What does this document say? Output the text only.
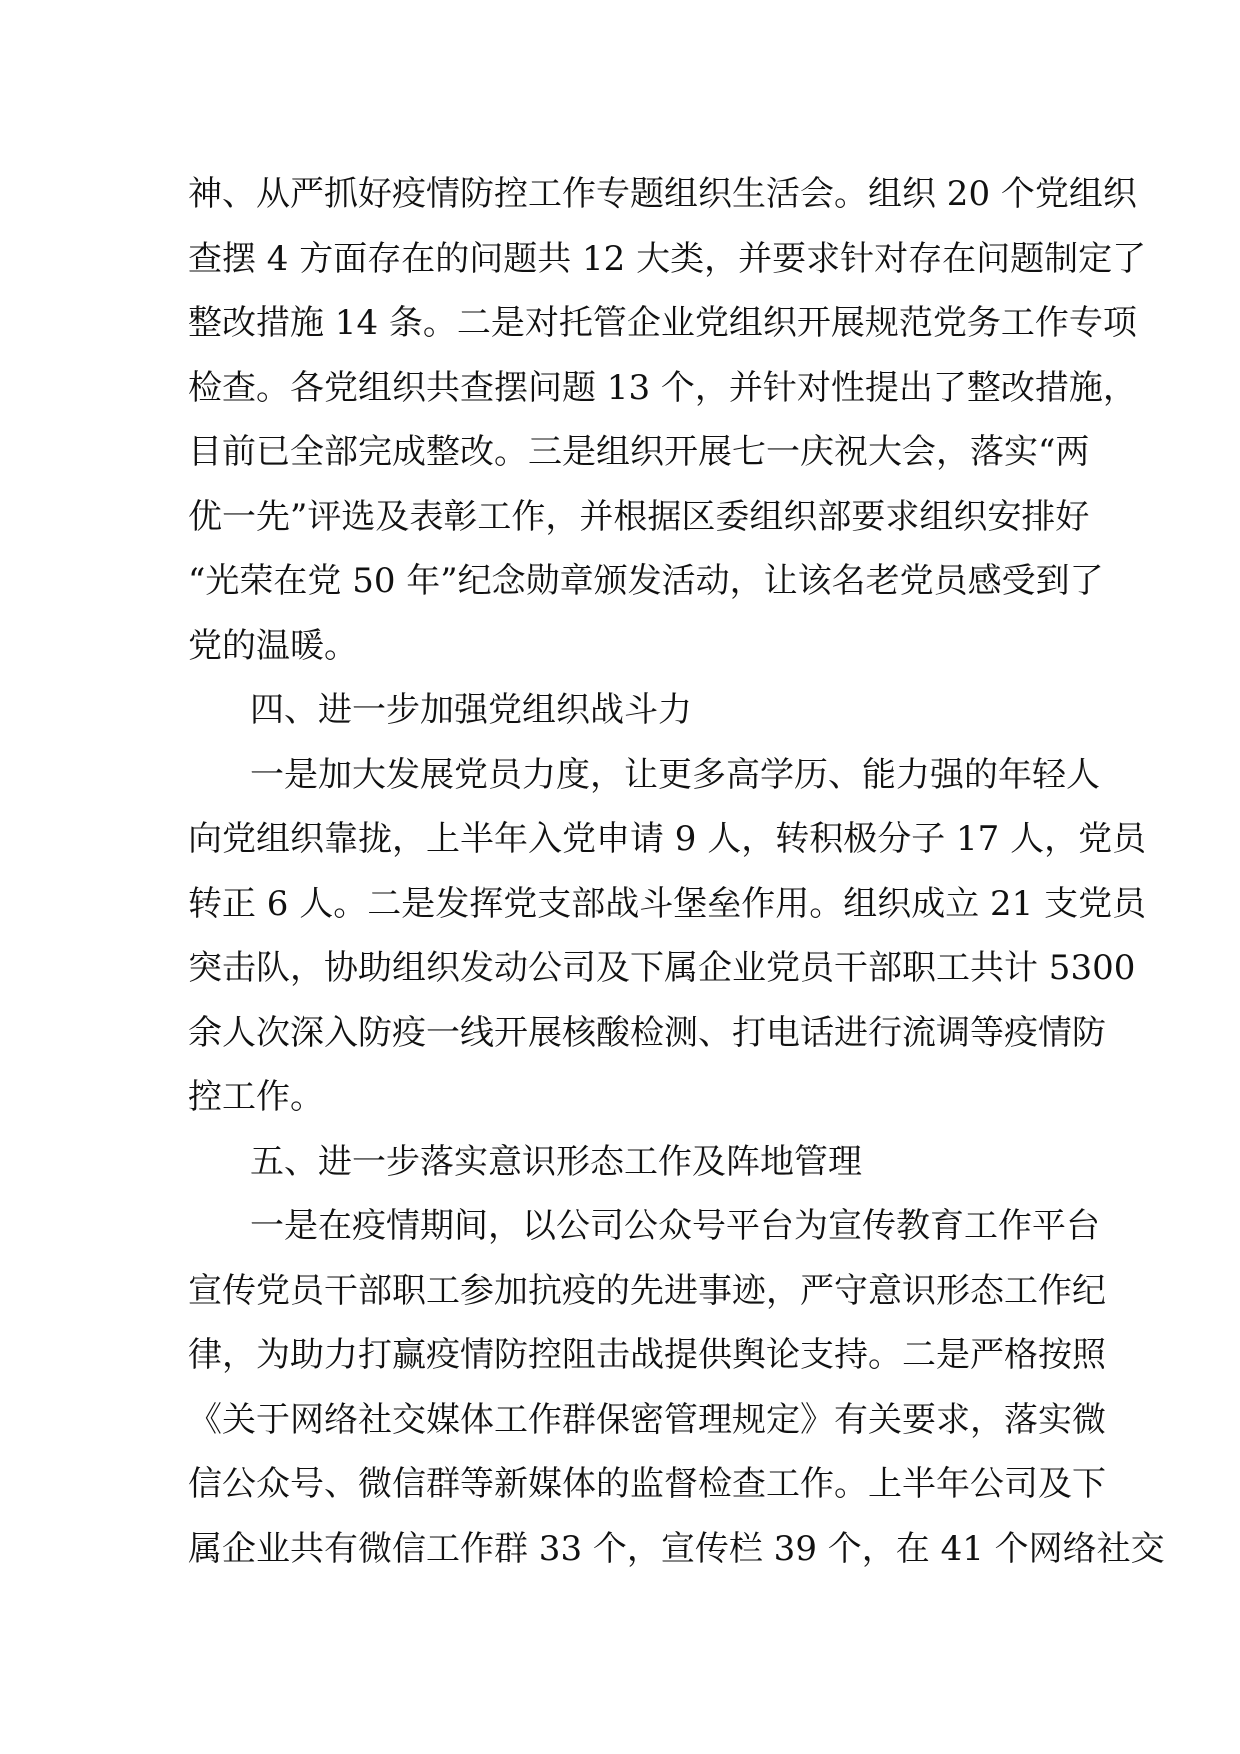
神、从严抓好疫情防控工作专题组织生活会。组织 20 个党组织
查摆 4 方面存在的问题共 12 大类，并要求针对存在问题制定了
整改措施 14 条。二是对托管企业党组织开展规范党务工作专项
检查。各党组织共查摆问题 13 个，并针对性提出了整改措施，
目前已全部完成整改。三是组织开展七一庆祝大会，落实“两
优一先”评选及表彰工作，并根据区委组织部要求组织安排好
“光荣在党 50 年”纪念勋章颁发活动，让该名老党员感受到了
党的温暖。
四、进一步加强党组织战斗力
一是加大发展党员力度，让更多高学历、能力强的年轻人
向党组织靠拢，上半年入党申请 9 人，转积极分子 17 人，党员
转正 6 人。二是发挥党支部战斗堡垒作用。组织成立 21 支党员
突击队，协助组织发动公司及下属企业党员干部职工共计 5300
余人次深入防疫一线开展核酸检测、打电话进行流调等疫情防
控工作。
五、进一步落实意识形态工作及阵地管理
一是在疫情期间，以公司公众号平台为宣传教育工作平台
宣传党员干部职工参加抗疫的先进事迹，严守意识形态工作纪
律，为助力打赢疫情防控阻击战提供舆论支持。二是严格按照
《关于网络社交媒体工作群保密管理规定》有关要求，落实微
信公众号、微信群等新媒体的监督检查工作。上半年公司及下
属企业共有微信工作群 33 个，宣传栏 39 个，在 41 个网络社交
